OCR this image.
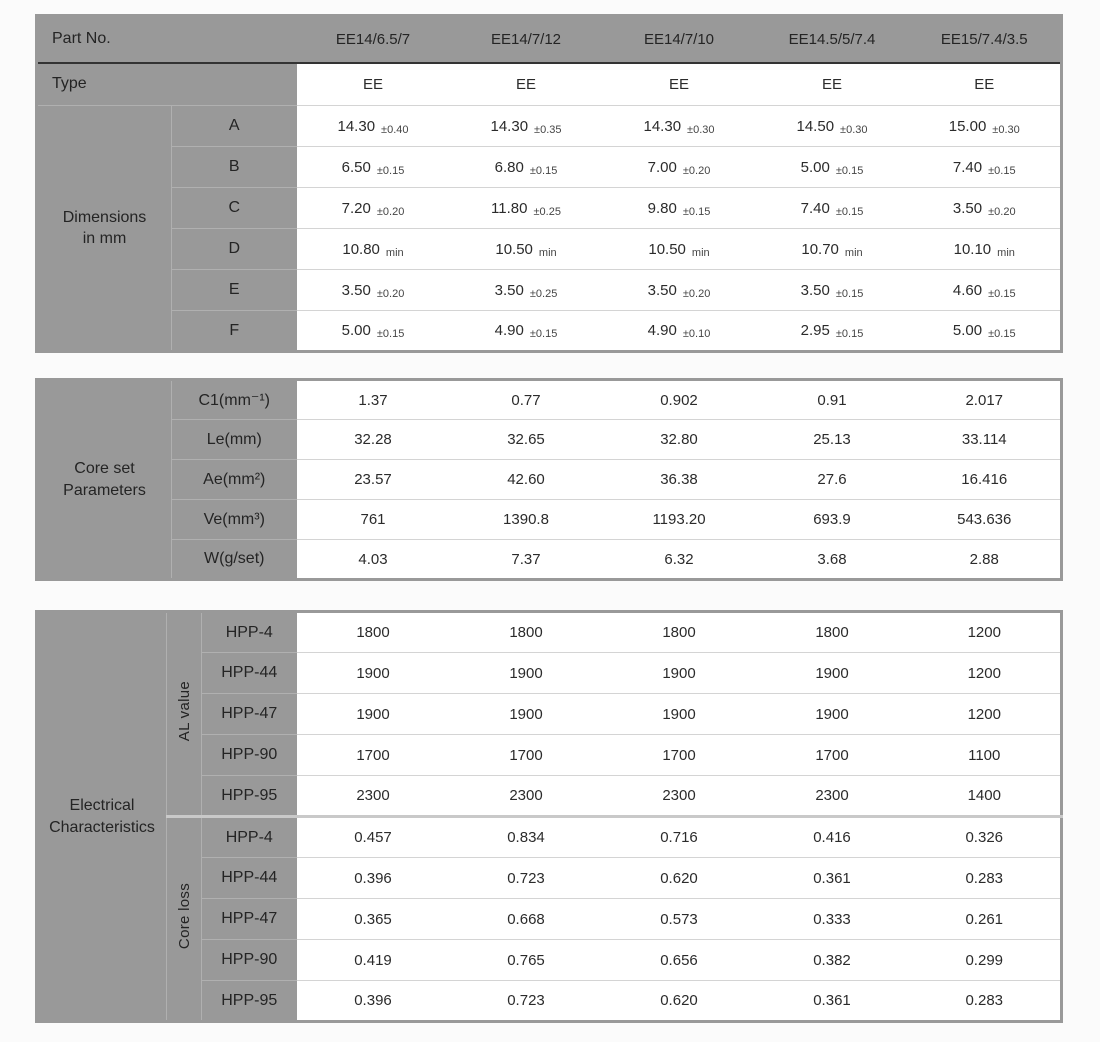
Part No.		EE14/6.5/7	EE14/7/12	EE14/7/10	EE14.5/5/7.4	EE15/7.4/3.5
Type		EE	EE	EE	EE	EE

Dimensions
in mm	A	14.30 ±0.40	14.30 ±0.35	14.30 ±0.30	14.50 ±0.30	15.00 ±0.30
	B	6.50 ±0.15	6.80 ±0.15	7.00 ±0.20	5.00 ±0.15	7.40 ±0.15
	C	7.20 ±0.20	11.80 ±0.25	9.80 ±0.15	7.40 ±0.15	3.50 ±0.20
	D	10.80 min	10.50 min	10.50 min	10.70 min	10.10 min
	E	3.50 ±0.20	3.50 ±0.25	3.50 ±0.20	3.50 ±0.15	4.60 ±0.15
	F	5.00 ±0.15	4.90 ±0.15	4.90 ±0.10	2.95 ±0.15	5.00 ±0.15
Core set
Parameters	C1(mm⁻¹)	1.37	0.77	0.902	0.91	2.017
	Le(mm)	32.28	32.65	32.80	25.13	33.114
	Ae(mm²)	23.57	42.60	36.38	27.6	16.416
	Ve(mm³)	761	1390.8	1193.20	693.9	543.636
	W(g/set)	4.03	7.37	6.32	3.68	2.88
Electrical
Characteristics	AL value	HPP-4	1800	1800	1800	1800	1200
		HPP-44	1900	1900	1900	1900	1200
		HPP-47	1900	1900	1900	1900	1200
		HPP-90	1700	1700	1700	1700	1100
		HPP-95	2300	2300	2300	2300	1400
	Core loss	HPP-4	0.457	0.834	0.716	0.416	0.326
		HPP-44	0.396	0.723	0.620	0.361	0.283
		HPP-47	0.365	0.668	0.573	0.333	0.261
		HPP-90	0.419	0.765	0.656	0.382	0.299
		HPP-95	0.396	0.723	0.620	0.361	0.283
